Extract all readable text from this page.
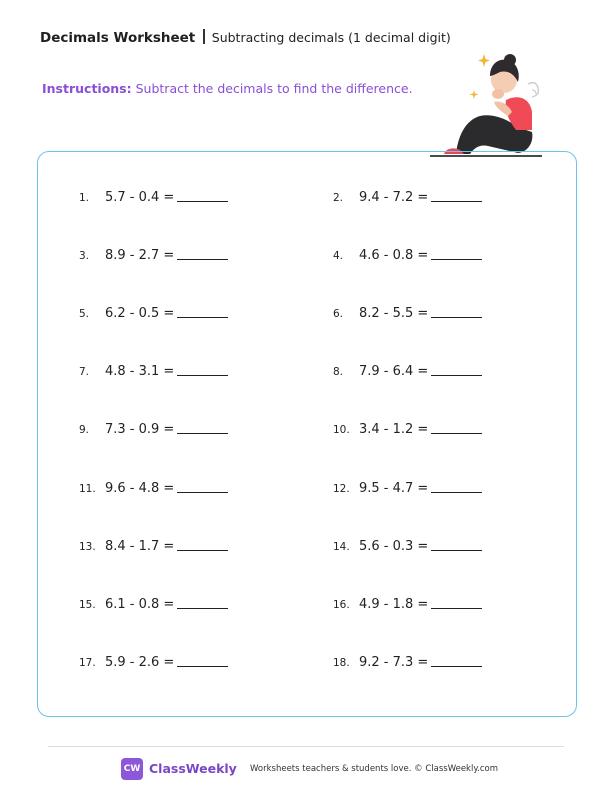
Decimals Worksheet Subtracting decimals (1 decimal digit)
Instructions: Subtract the decimals to find the difference.
1. 5.7 - 0.4 =	2. 9.4 - 7.2 =
3. 8.9 - 2.7 =	4. 4.6 - 0.8 =
5. 6.2 - 0.5 =	6. 8.2 - 5.5 =
7. 4.8 - 3.1 =	8. 7.9 - 6.4 =
9. 7.3 - 0.9 =	10. 3.4 - 1.2 =
11. 9.6 - 4.8 =	12. 9.5 - 4.7 =
13. 8.4 - 1.7 =	14. 5.6 - 0.3 =
15. 6.1 - 0.8 =	16. 4.9 - 1.8 =
17. 5.9 - 2.6 =	18. 9.2 - 7.3 =
CW ClassWeekly Worksheets teachers & students love. © ClassWeekly.com
